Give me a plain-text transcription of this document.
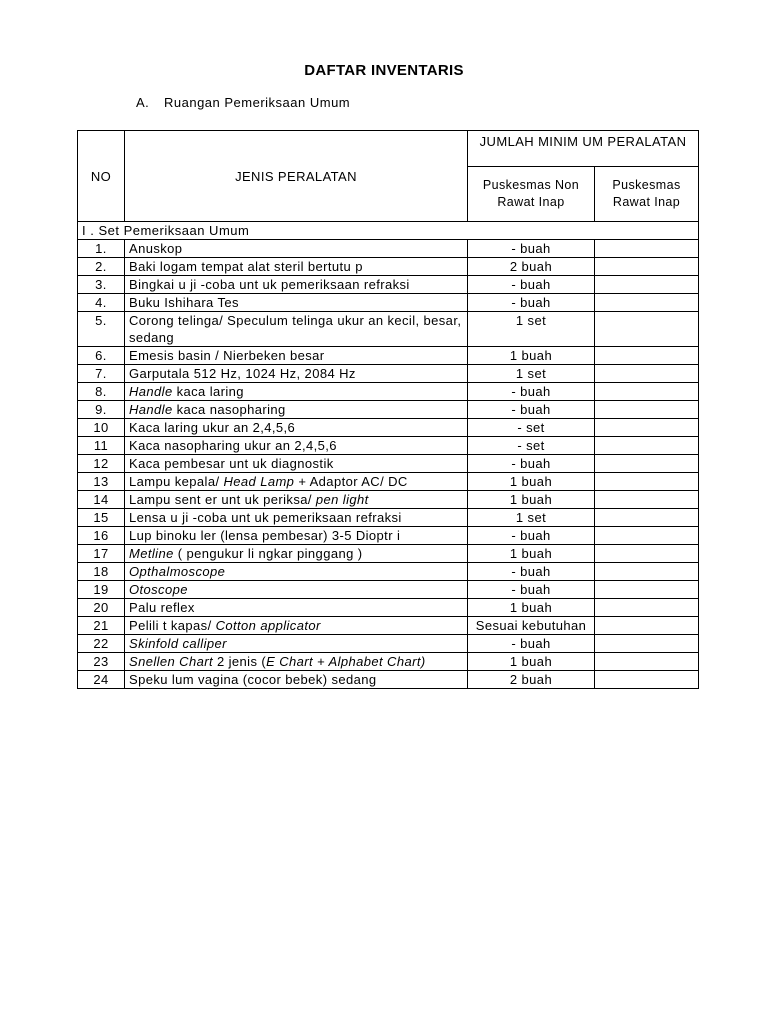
DAFTAR INVENTARIS
A. Ruangan Pemeriksaan Umum
NO	JENIS PERALATAN	JUMLAH MINIM UM PERALATAN	
		Puskesmas Non Rawat Inap	Puskesmas Rawat Inap
I . Set Pemeriksaan Umum			
1.	Anuskop	- buah	
2.	Baki logam tempat alat steril bertutu p	2 buah	
3.	Bingkai u ji -coba unt uk pemeriksaan refraksi	- buah	
4.	Buku Ishihara Tes	- buah	
5.	Corong telinga/ Speculum telinga ukur an kecil, besar, sedang	1 set	
6.	Emesis basin / Nierbeken besar	1 buah	
7.	Garputala 512 Hz, 1024 Hz, 2084 Hz	1 set	
8.	Handle kaca laring	- buah	
9.	Handle kaca nasopharing	- buah	
10	Kaca laring ukur an 2,4,5,6	- set	
11	Kaca nasopharing ukur an 2,4,5,6	- set	
12	Kaca pembesar unt uk diagnostik	- buah	
13	Lampu kepala/ Head Lamp + Adaptor AC/ DC	1 buah	
14	Lampu sent er unt uk periksa/ pen light	1 buah	
15	Lensa u ji -coba unt uk pemeriksaan refraksi	1 set	
16	Lup binoku ler (lensa pembesar) 3-5 Dioptr i	- buah	
17	Metline ( pengukur li ngkar pinggang )	1 buah	
18	Opthalmoscope	- buah	
19	Otoscope	- buah	
20	Palu reflex	1 buah	
21	Pelili t kapas/ Cotton applicator	Sesuai kebutuhan	
22	Skinfold calliper	- buah	
23	Snellen Chart 2 jenis (E Chart + Alphabet Chart)	1 buah	
24	Speku lum vagina (cocor bebek) sedang	2 buah	
